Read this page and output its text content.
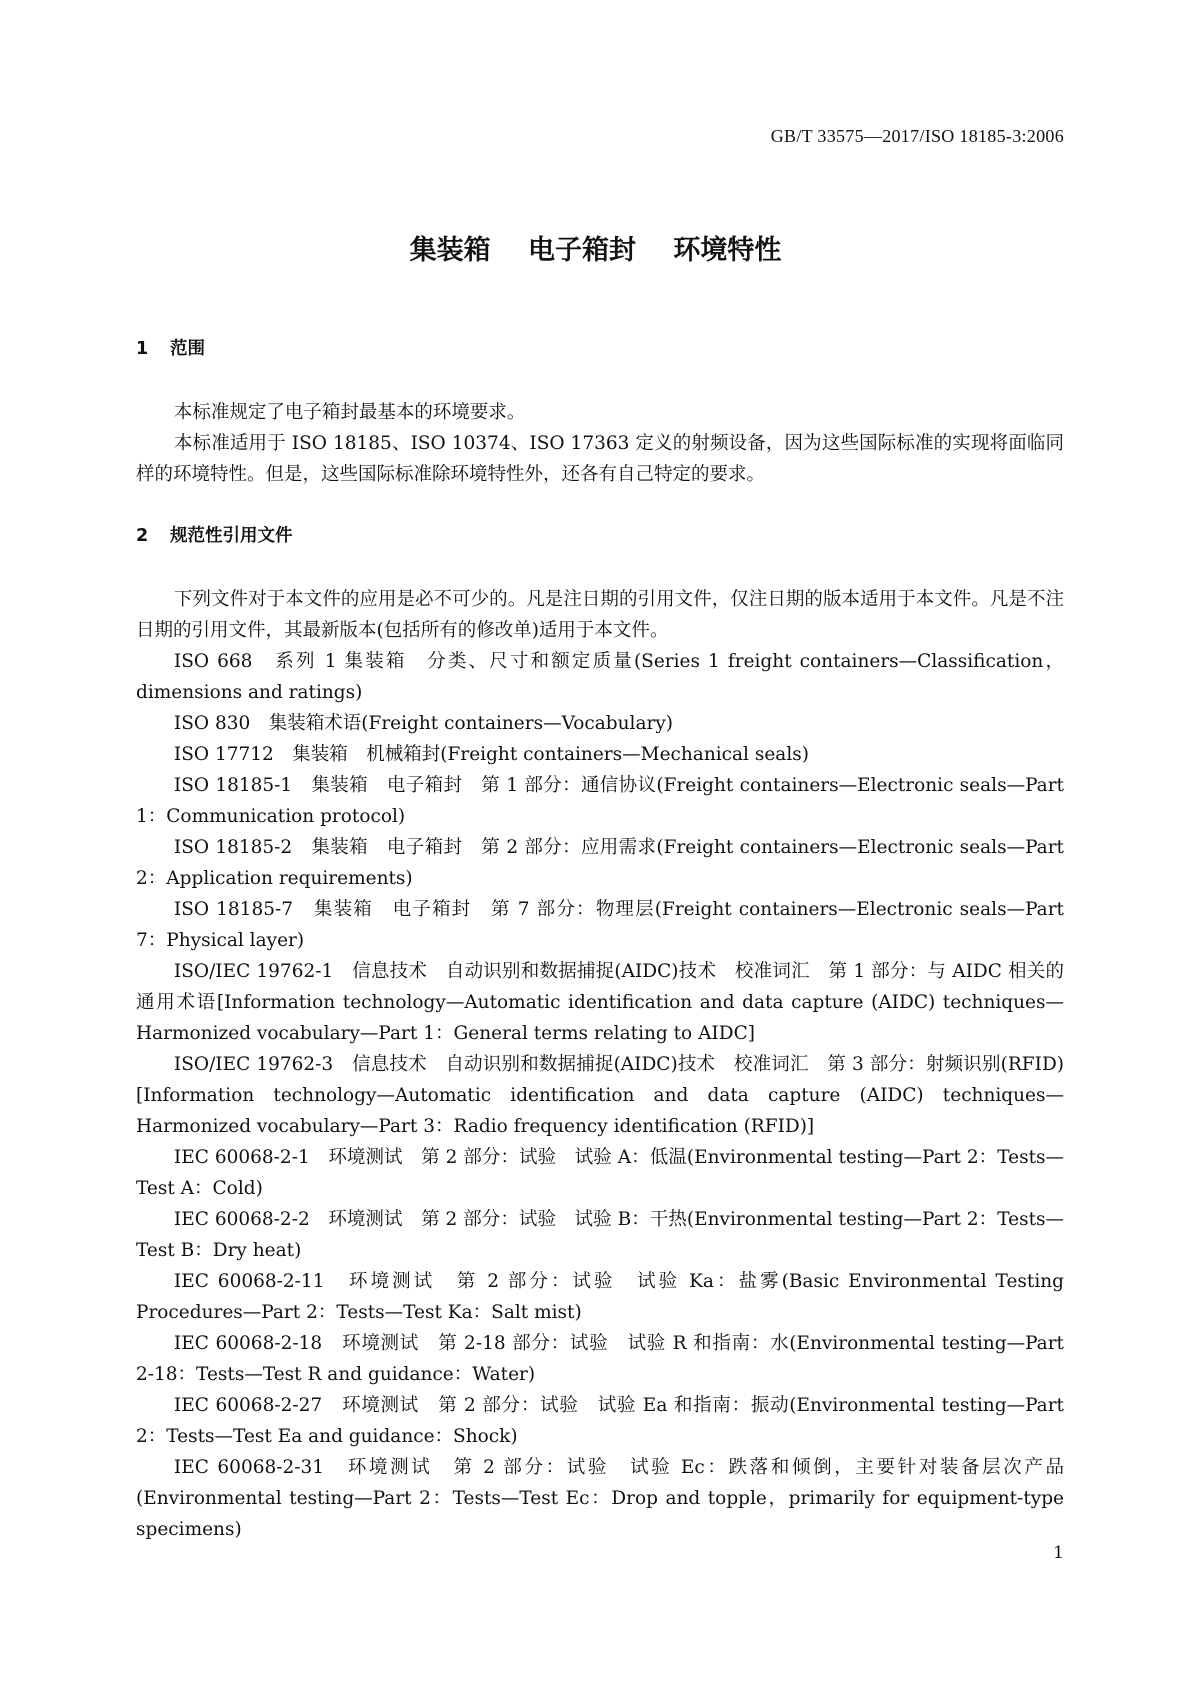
GB/T 33575—2017/ISO 18185-3:2006
集装箱 电子箱封 环境特性
1 范围

本标准规定了电子箱封最基本的环境要求。

本标准适用于 ISO 18185、ISO 10374、ISO 17363 定义的射频设备，因为这些国际标准的实现将面临同样的环境特性。但是，这些国际标准除环境特性外，还各有自己特定的要求。

2 规范性引用文件

下列文件对于本文件的应用是必不可少的。凡是注日期的引用文件，仅注日期的版本适用于本文件。凡是不注日期的引用文件，其最新版本(包括所有的修改单)适用于本文件。

ISO 668　系列 1 集装箱　分类、尺寸和额定质量(Series 1 freight containers—Classification，dimensions and ratings)

ISO 830　集装箱术语(Freight containers—Vocabulary)

ISO 17712　集装箱　机械箱封(Freight containers—Mechanical seals)

ISO 18185-1　集装箱　电子箱封　第 1 部分：通信协议(Freight containers—Electronic seals—Part 1：Communication protocol)

ISO 18185-2　集装箱　电子箱封　第 2 部分：应用需求(Freight containers—Electronic seals—Part 2：Application requirements)

ISO 18185-7　集装箱　电子箱封　第 7 部分：物理层(Freight containers—Electronic seals—Part 7：Physical layer)

ISO/IEC 19762-1　信息技术　自动识别和数据捕捉(AIDC)技术　校准词汇　第 1 部分：与 AIDC 相关的通用术语[Information technology—Automatic identification and data capture (AIDC) techniques—Harmonized vocabulary—Part 1：General terms relating to AIDC]

ISO/IEC 19762-3　信息技术　自动识别和数据捕捉(AIDC)技术　校准词汇　第 3 部分：射频识别(RFID)[Information technology—Automatic identification and data capture (AIDC) techniques—Harmonized vocabulary—Part 3：Radio frequency identification (RFID)]

IEC 60068-2-1　环境测试　第 2 部分：试验　试验 A：低温(Environmental testing—Part 2：Tests—Test A：Cold)

IEC 60068-2-2　环境测试　第 2 部分：试验　试验 B：干热(Environmental testing—Part 2：Tests—Test B：Dry heat)

IEC 60068-2-11　环境测试　第 2 部分：试验　试验 Ka：盐雾(Basic Environmental Testing Procedures—Part 2：Tests—Test Ka：Salt mist)

IEC 60068-2-18　环境测试　第 2-18 部分：试验　试验 R 和指南：水(Environmental testing—Part 2-18：Tests—Test R and guidance：Water)

IEC 60068-2-27　环境测试　第 2 部分：试验　试验 Ea 和指南：振动(Environmental testing—Part 2：Tests—Test Ea and guidance：Shock)

IEC 60068-2-31　环境测试　第 2 部分：试验　试验 Ec：跌落和倾倒，主要针对装备层次产品(Environmental testing—Part 2：Tests—Test Ec：Drop and topple，primarily for equipment-type specimens)

1
